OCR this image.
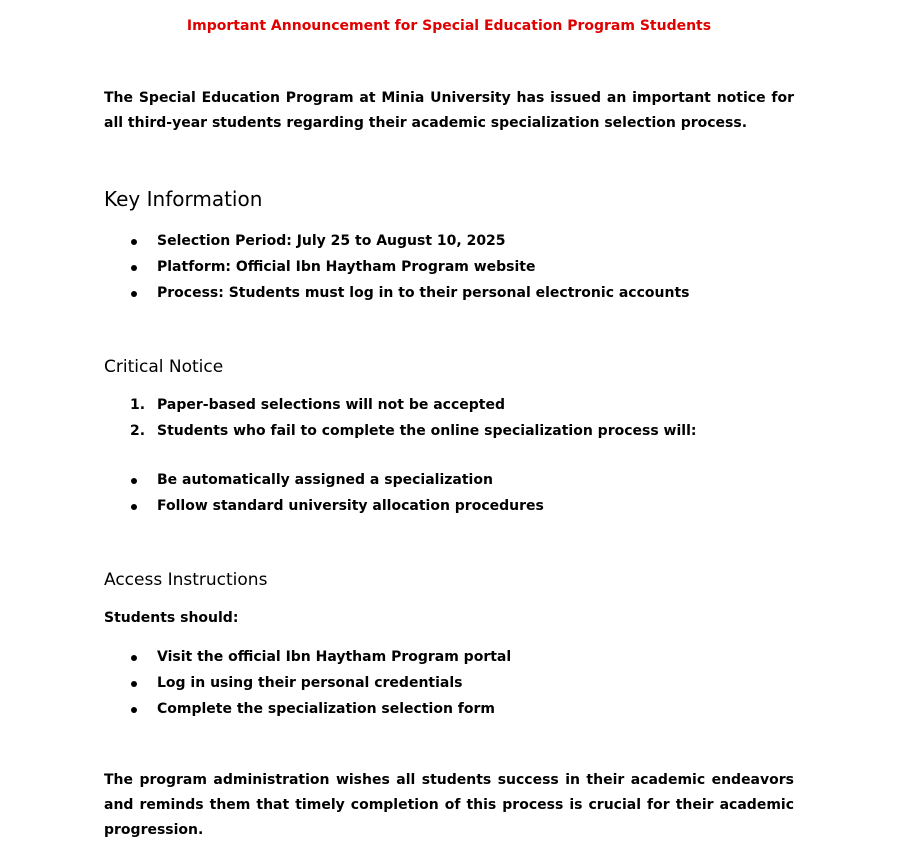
Important Announcement for Special Education Program Students

The Special Education Program at Minia University has issued an important notice for all third-year students regarding their academic specialization selection process.

Key Information
Selection Period: July 25 to August 10, 2025
Platform: Official Ibn Haytham Program website
Process: Students must log in to their personal electronic accounts
Critical Notice
1. Paper-based selections will not be accepted
2. Students who fail to complete the online specialization process will:
Be automatically assigned a specialization
Follow standard university allocation procedures
Access Instructions

Students should:

Visit the official Ibn Haytham Program portal
Log in using their personal credentials
Complete the specialization selection form

The program administration wishes all students success in their academic endeavors and reminds them that timely completion of this process is crucial for their academic progression.
